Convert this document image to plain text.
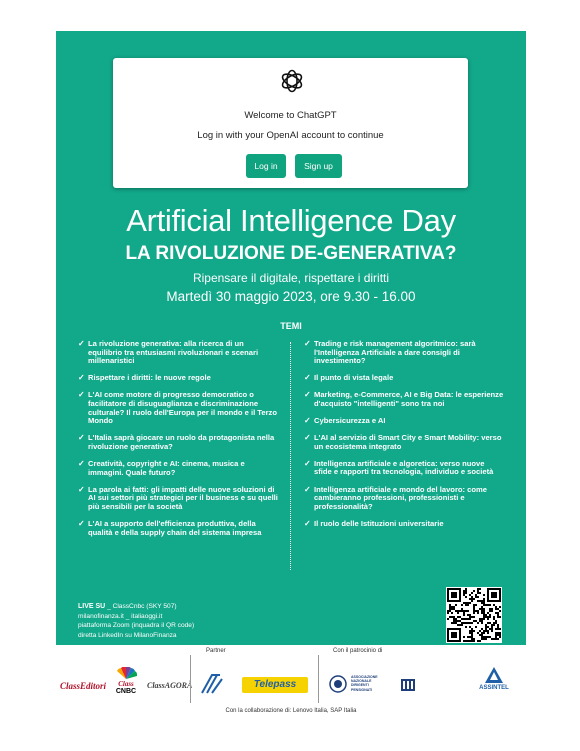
Welcome to ChatGPT
Log in with your OpenAI account to continue
Log in	Sign up
Artificial Intelligence Day
LA RIVOLUZIONE DE-GENERATIVA?
Ripensare il digitale, rispettare i diritti
Martedì 30 maggio 2023, ore 9.30 - 16.00
TEMI
✓ La rivoluzione generativa: alla ricerca di un equilibrio tra entusiasmi rivoluzionari e scenari millenaristici
✓ Rispettare i diritti: le nuove regole
✓ L'AI come motore di progresso democratico o facilitatore di disuguaglianza e discriminazione culturale? Il ruolo dell'Europa per il mondo e il Terzo Mondo
✓ L'Italia saprà giocare un ruolo da protagonista nella rivoluzione generativa?
✓ Creatività, copyright e AI: cinema, musica e immagini. Quale futuro?
✓ La parola ai fatti: gli impatti delle nuove soluzioni di AI sui settori più strategici per il business e su quelli più sensibili per la società
✓ L'AI a supporto dell'efficienza produttiva, della qualità e della supply chain del sistema impresa
✓ Trading e risk management algoritmico: sarà l'Intelligenza Artificiale a dare consigli di investimento?
✓ Il punto di vista legale
✓ Marketing, e-Commerce, AI e Big Data: le esperienze d'acquisto "intelligenti" sono tra noi
✓ Cybersicurezza e AI
✓ L'AI al servizio di Smart City e Smart Mobility: verso un ecosistema integrato
✓ Intelligenza artificiale e algoretica: verso nuove sfide e rapporti tra tecnologia, individuo e società
✓ Intelligenza artificiale e mondo del lavoro: come cambieranno professioni, professionisti e professionalità?
✓ Il ruolo delle Istituzioni universitarie
LIVE SU _ ClassCnbc (SKY 507)
milanofinanza.it _ italiaoggi.it
piattaforma Zoom (inquadra il QR code)
diretta LinkedIn su MilanoFinanza
Partner	Con il patrocinio di
ClassEditori	Class
CNBC
ClassAGORÀ	Telepass
ASSOCIAZIONE
NAZIONALE
DIRIGENTI
PENSIONATI	ASSINTEL
Con la collaborazione di: Lenovo Italia, SAP Italia
